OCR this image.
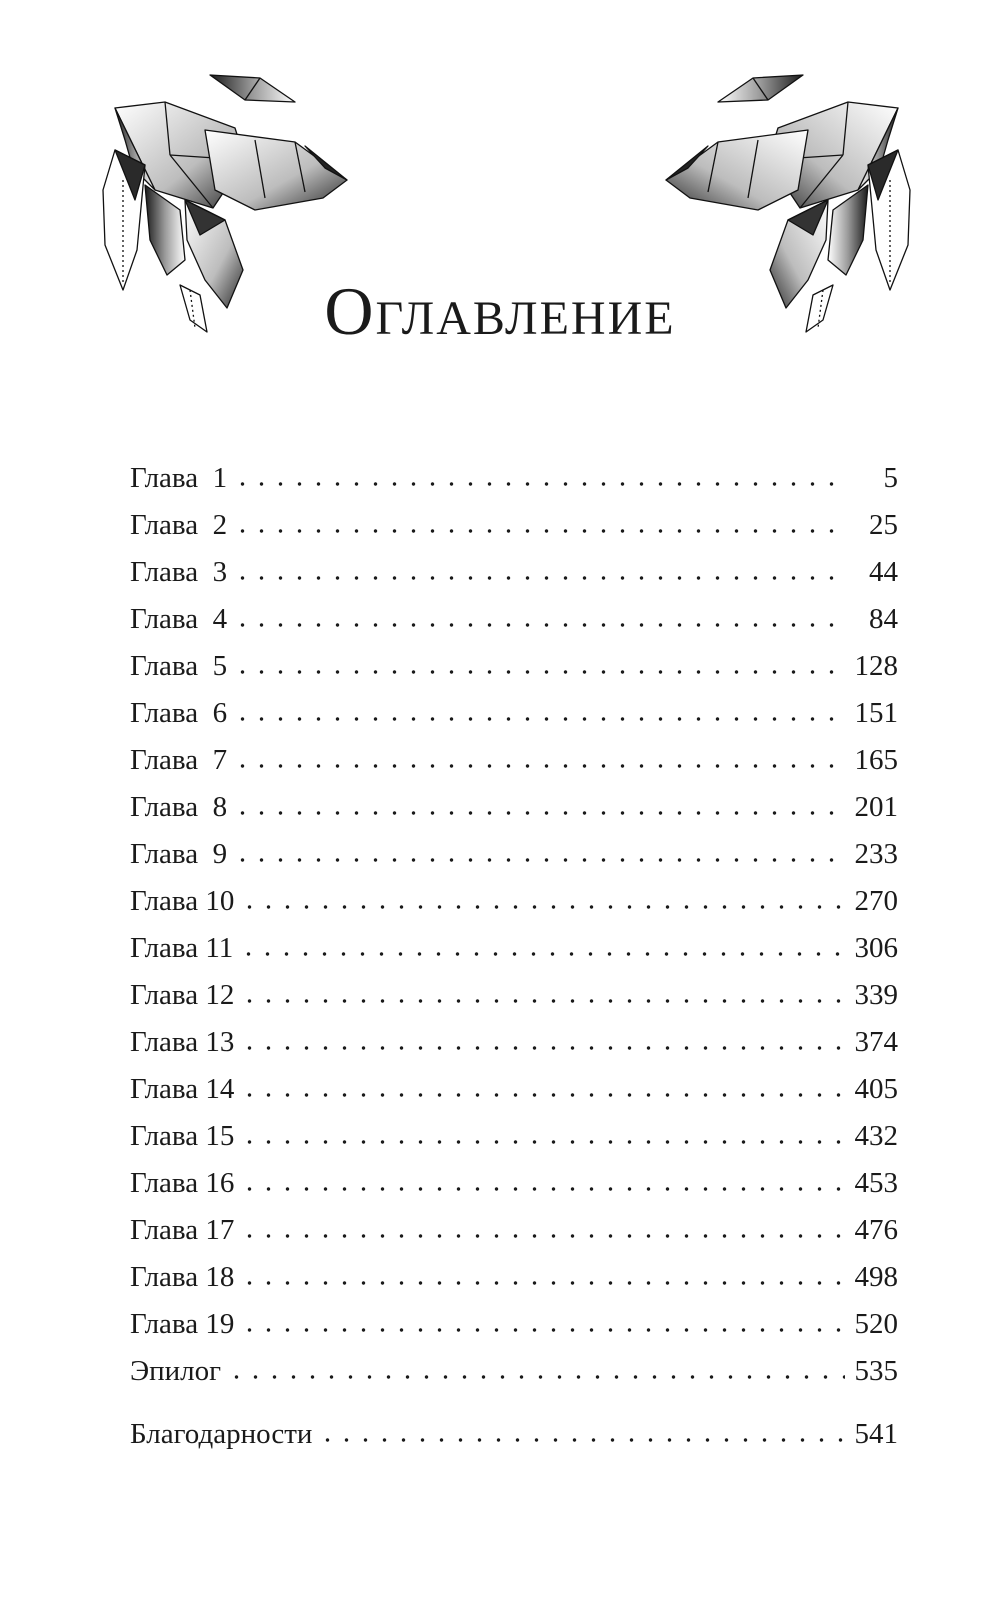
Оглавление
Глава  1	5
Глава  2	25
Глава  3	44
Глава  4	84
Глава  5	128
Глава  6	151
Глава  7	165
Глава  8	201
Глава  9	233
Глава 10	270
Глава 11	306
Глава 12	339
Глава 13	374
Глава 14	405
Глава 15	432
Глава 16	453
Глава 17	476
Глава 18	498
Глава 19	520
Эпилог	535
Благодарности	541
